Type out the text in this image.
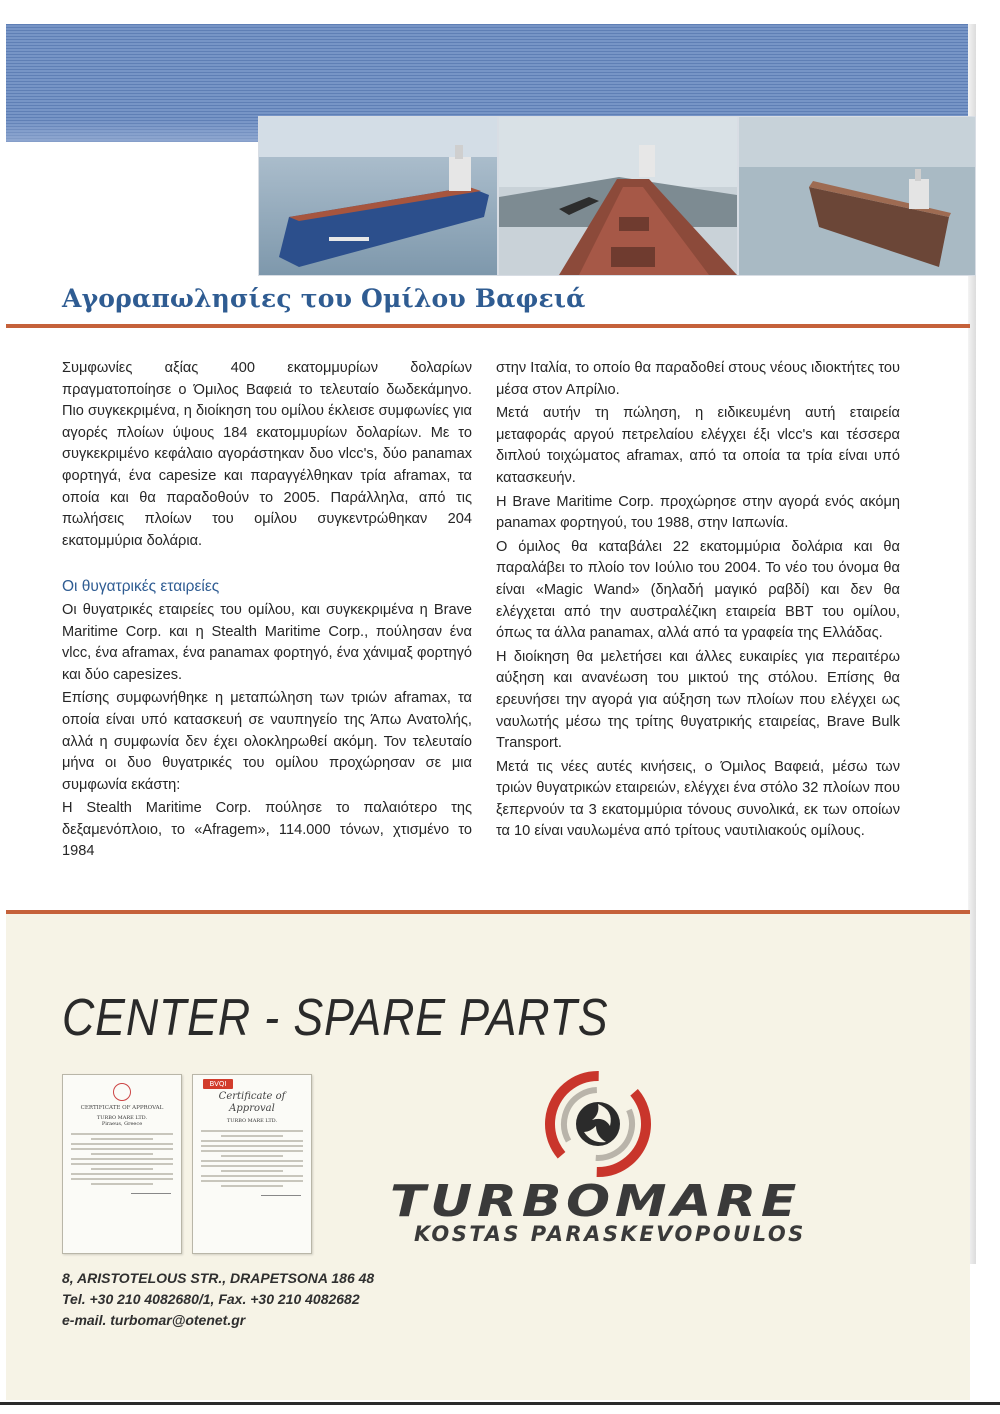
Αγοραπωλησίες του Ομίλου Βαφειά

Συμφωνίες αξίας 400 εκατομμυρίων δολαρίων πραγματοποίησε ο Όμιλος Βαφειά το τελευταίο δωδεκάμηνο. Πιο συγκεκριμένα, η διοίκηση του ομίλου έκλεισε συμφωνίες για αγορές πλοίων ύψους 184 εκατομμυρίων δολαρίων. Με το συγκεκριμένο κεφάλαιο αγοράστηκαν δυο vlcc's, δύο panamax φορτηγά, ένα capesize και παραγγέλθηκαν τρία aframax, τα οποία και θα παραδοθούν το 2005. Παράλληλα, από τις πωλήσεις πλοίων του ομίλου συγκεντρώθηκαν 204 εκατομμύρια δολάρια.

Οι θυγατρικές εταιρείες

Οι θυγατρικές εταιρείες του ομίλου, και συγκεκριμένα η Brave Maritime Corp. και η Stealth Maritime Corp., πούλησαν ένα vlcc, ένα aframax, ένα panamax φορτηγό, ένα χάνιμαξ φορτηγό και δύο capesizes.

Επίσης συμφωνήθηκε η μεταπώληση των τριών aframax, τα οποία είναι υπό κατασκευή σε ναυπηγείο της Άπω Ανατολής, αλλά η συμφωνία δεν έχει ολοκληρωθεί ακόμη. Τον τελευταίο μήνα οι δυο θυγατρικές του ομίλου προχώρησαν σε μια συμφωνία εκάστη:

Η Stealth Maritime Corp. πούλησε το παλαιότερο της δεξαμενόπλοιο, το «Afragem», 114.000 τόνων, χτισμένο το 1984

στην Ιταλία, το οποίο θα παραδοθεί στους νέους ιδιοκτήτες του μέσα στον Απρίλιο.

Μετά αυτήν τη πώληση, η ειδικευμένη αυτή εταιρεία μεταφοράς αργού πετρελαίου ελέγχει έξι vlcc's και τέσσερα διπλού τοιχώματος aframax, από τα οποία τα τρία είναι υπό κατασκευήν.

Η Brave Maritime Corp. προχώρησε στην αγορά ενός ακόμη panamax φορτηγού, του 1988, στην Ιαπωνία.

Ο όμιλος θα καταβάλει 22 εκατομμύρια δολάρια και θα παραλάβει το πλοίο τον Ιούλιο του 2004. Το νέο του όνομα θα είναι «Magic Wand» (δηλαδή μαγικό ραβδί) και δεν θα ελέγχεται από την αυστραλέζικη εταιρεία BBT του ομίλου, όπως τα άλλα panamax, αλλά από τα γραφεία της Ελλάδας.

Η διοίκηση θα μελετήσει και άλλες ευκαιρίες για περαιτέρω αύξηση και ανανέωση του μικτού της στόλου. Επίσης θα ερευνήσει την αγορά για αύξηση των πλοίων που ελέγχει ως ναυλωτής μέσω της τρίτης θυγατρικής εταιρείας, Brave Bulk Transport.

Μετά τις νέες αυτές κινήσεις, ο Όμιλος Βαφειά, μέσω των τριών θυγατρικών εταιρειών, ελέγχει ένα στόλο 32 πλοίων που ξεπερνούν τα 3 εκατομμύρια τόνους συνολικά, εκ των οποίων τα 10 είναι ναυλωμένα από τρίτους ναυτιλιακούς ομίλους.

CENTER - SPARE PARTS
CERTIFICATE OF APPROVAL
TURBO MARE LTD.
Piraeus, Greece
BVQI
Certificate of Approval
TURBO MARE LTD.
TURBOMARE
KOSTAS PARASKEVOPOULOS
8, ARISTOTELOUS STR., DRAPETSONA 186 48
Tel. +30 210 4082680/1, Fax. +30 210 4082682
e-mail. turbomar@otenet.gr
